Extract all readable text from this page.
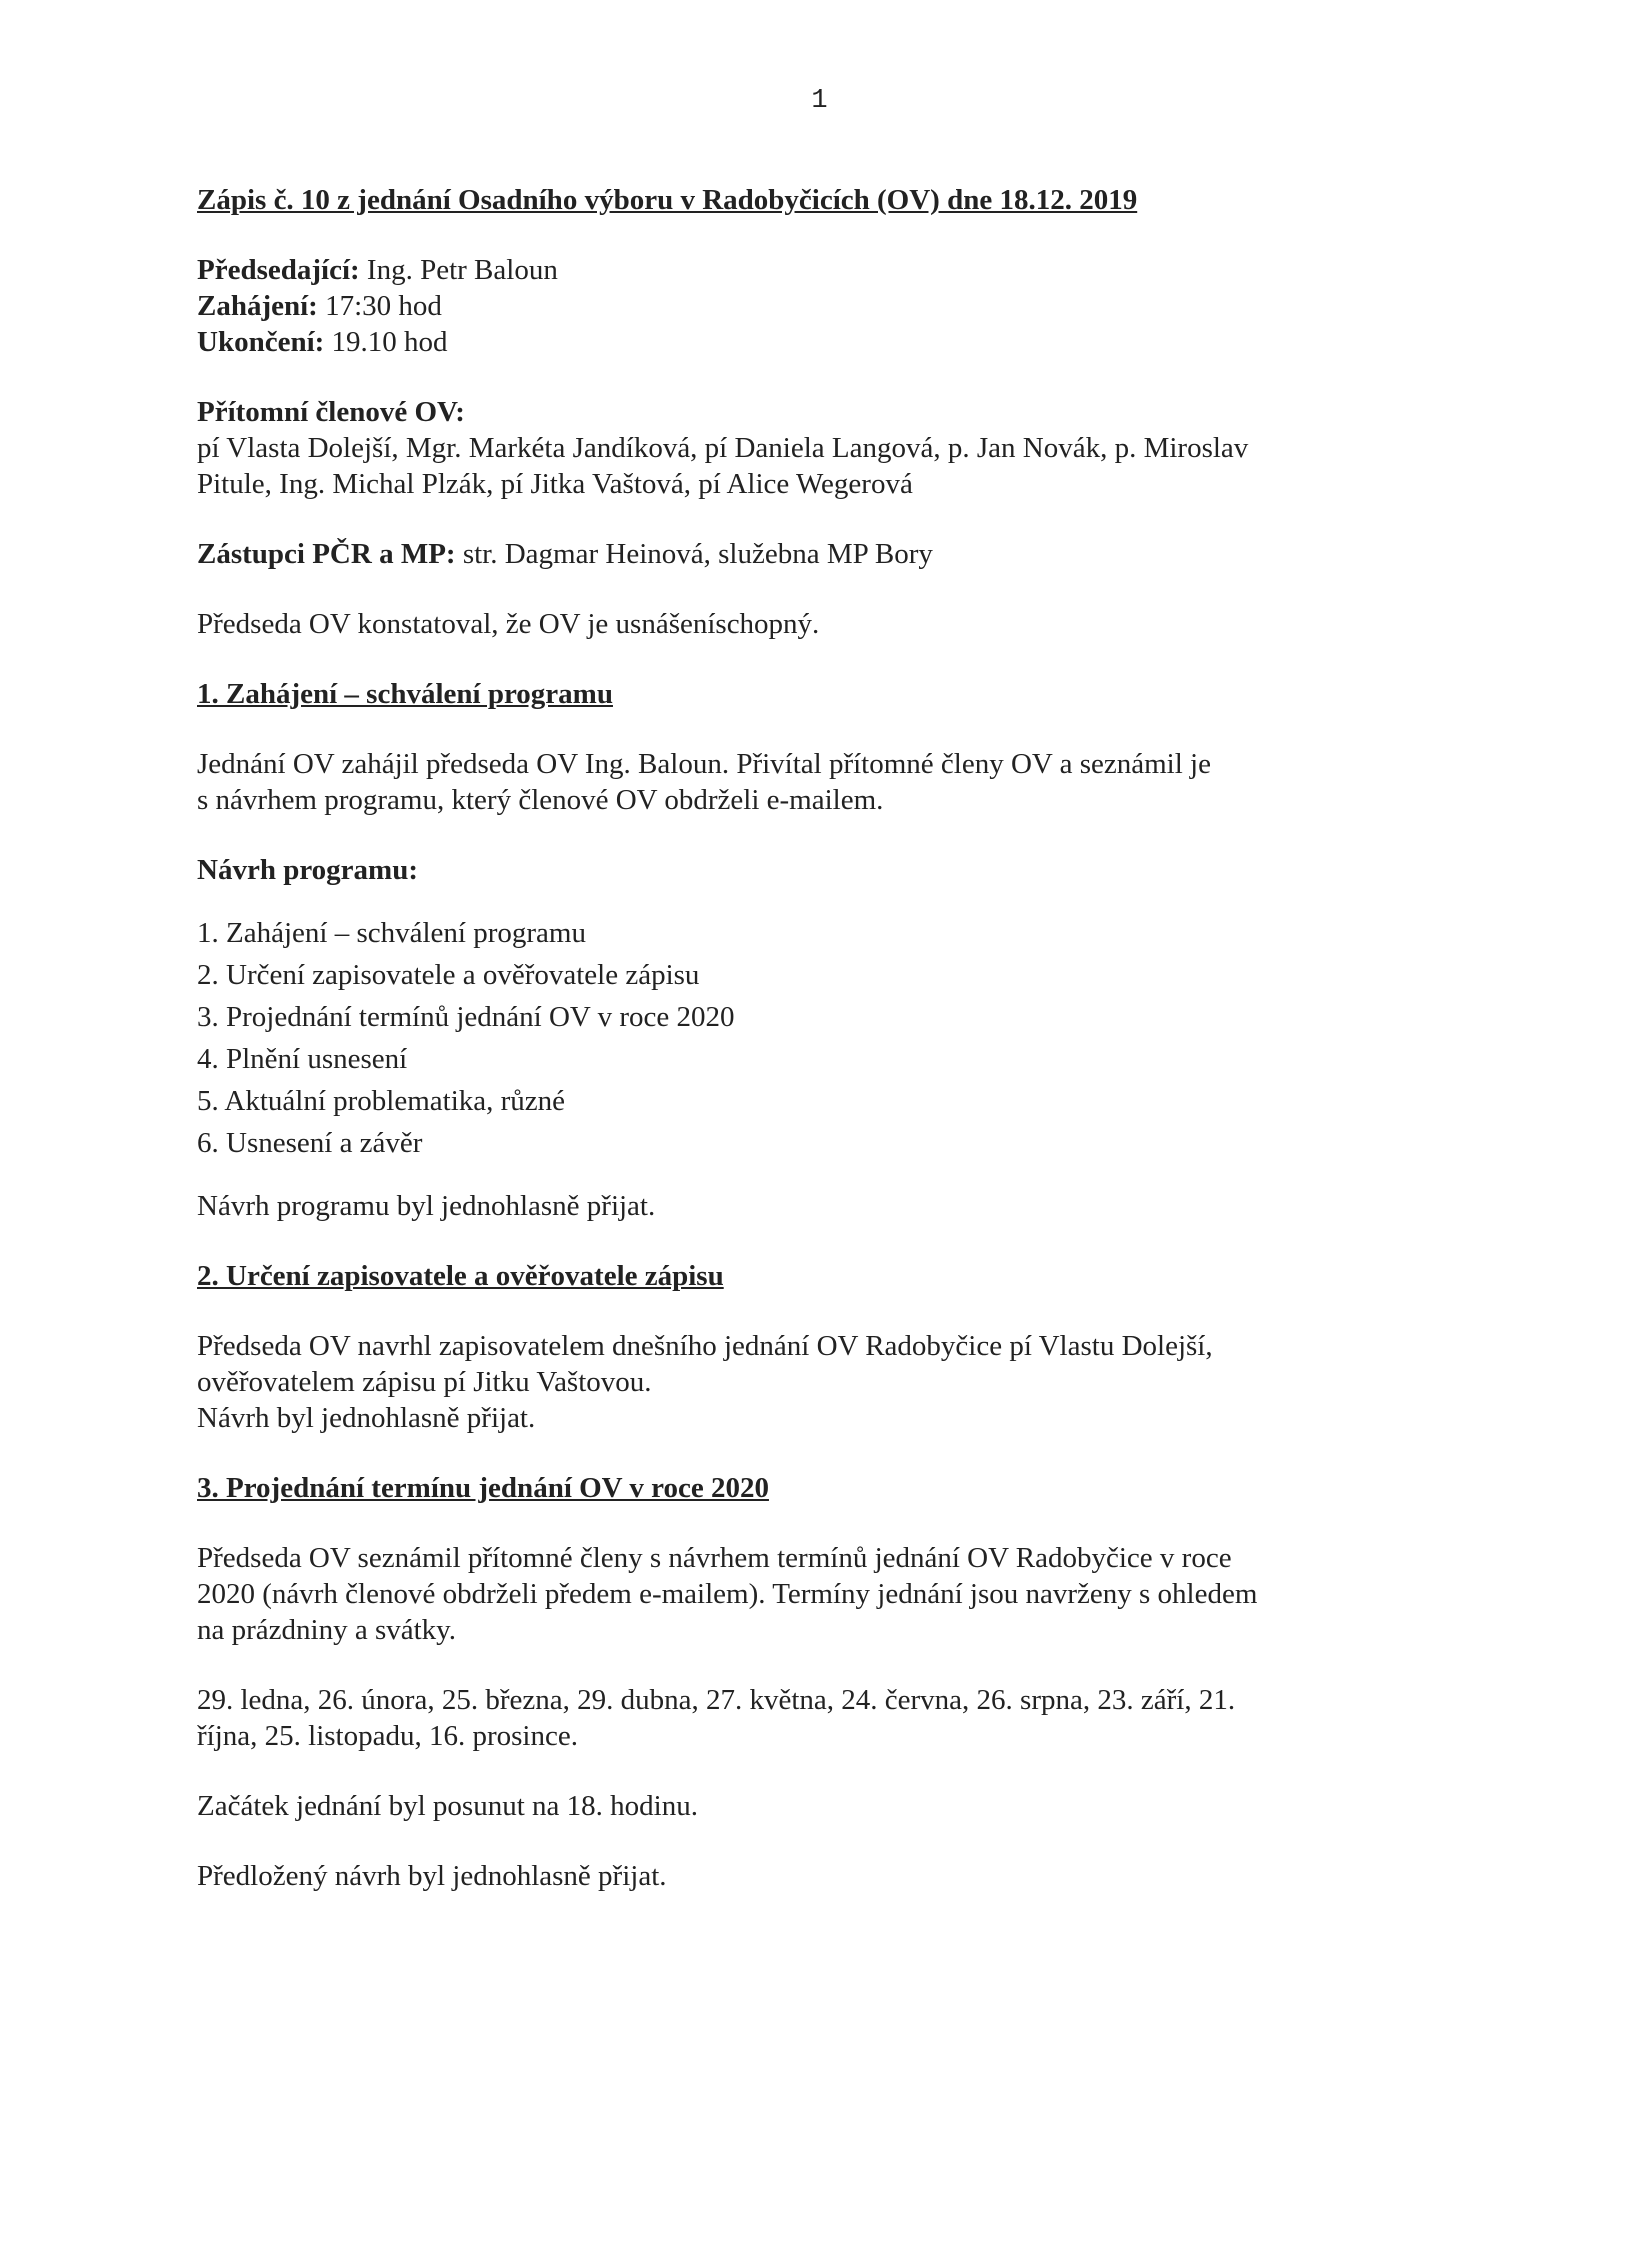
1
Zápis č. 10 z jednání Osadního výboru v Radobyčicích (OV) dne 18.12. 2019
Předsedající: Ing. Petr Baloun
Zahájení: 17:30 hod
Ukončení: 19.10 hod
Přítomní členové OV:
pí Vlasta Dolejší, Mgr. Markéta Jandíková, pí Daniela Langová, p. Jan Novák, p. Miroslav
Pitule, Ing. Michal Plzák, pí Jitka Vaštová, pí Alice Wegerová
Zástupci PČR a MP: str. Dagmar Heinová, služebna MP Bory
Předseda OV konstatoval, že OV je usnášeníschopný.
1. Zahájení – schválení programu
Jednání OV zahájil předseda OV Ing. Baloun. Přivítal přítomné členy OV a seznámil je
s návrhem programu, který členové OV obdrželi e-mailem.
Návrh programu:
1. Zahájení – schválení programu
2. Určení zapisovatele a ověřovatele zápisu
3. Projednání termínů jednání OV v roce 2020
4. Plnění usnesení
5. Aktuální problematika, různé
6. Usnesení a závěr
Návrh programu byl jednohlasně přijat.
2. Určení zapisovatele a ověřovatele zápisu
Předseda OV navrhl zapisovatelem dnešního jednání OV Radobyčice pí Vlastu Dolejší,
ověřovatelem zápisu pí Jitku Vaštovou.
Návrh byl jednohlasně přijat.
3. Projednání termínu jednání OV v roce 2020
Předseda OV seznámil přítomné členy s návrhem termínů jednání OV Radobyčice v roce
2020 (návrh členové obdrželi předem e-mailem). Termíny jednání jsou navrženy s ohledem
na prázdniny a svátky.
29. ledna, 26. února, 25. března, 29. dubna, 27. května, 24. června, 26. srpna, 23. září, 21.
října, 25. listopadu, 16. prosince.
Začátek jednání byl posunut na 18. hodinu.
Předložený návrh byl jednohlasně přijat.
